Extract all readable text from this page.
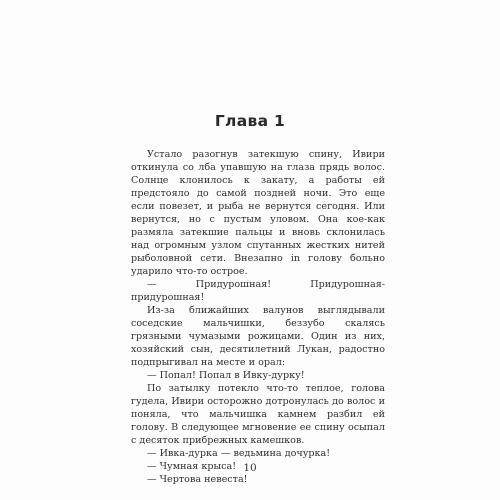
Глава 1

Устало разогнув затекшую спину, Ивири откинула со лба упавшую на глаза прядь волос. Солнце клонилось к закату, а работы ей предстояло до самой поздней ночи. Это еще если повезет, и рыба не вернутся сегодня. Или вернутся, но с пустым уловом. Она кое-как размяла затекшие пальцы и вновь склонилась над огромным узлом спутанных жестких нитей рыболовной сети. Внезапно in голову больно ударило что-то острое.

— Придурошная! Придурошная-придурошная!

Из-за ближайших валунов выглядывали соседские мальчишки, беззубо скалясь грязными чумазыми рожицами. Один из них, хозяйский сын, десятилетний Лукан, радостно подпрыгивал на месте и орал:

— Попал! Попал в Ивку-дурку!

По затылку потекло что-то теплое, голова гудела, Ивири осторожно дотронулась до волос и поняла, что мальчишка камнем разбил ей голову. В следующее мгновение ее спину осыпал с десяток прибрежных камешков.

— Ивка-дурка — ведьмина дочурка!

— Чумная крыса!

— Чертова невеста!

10
